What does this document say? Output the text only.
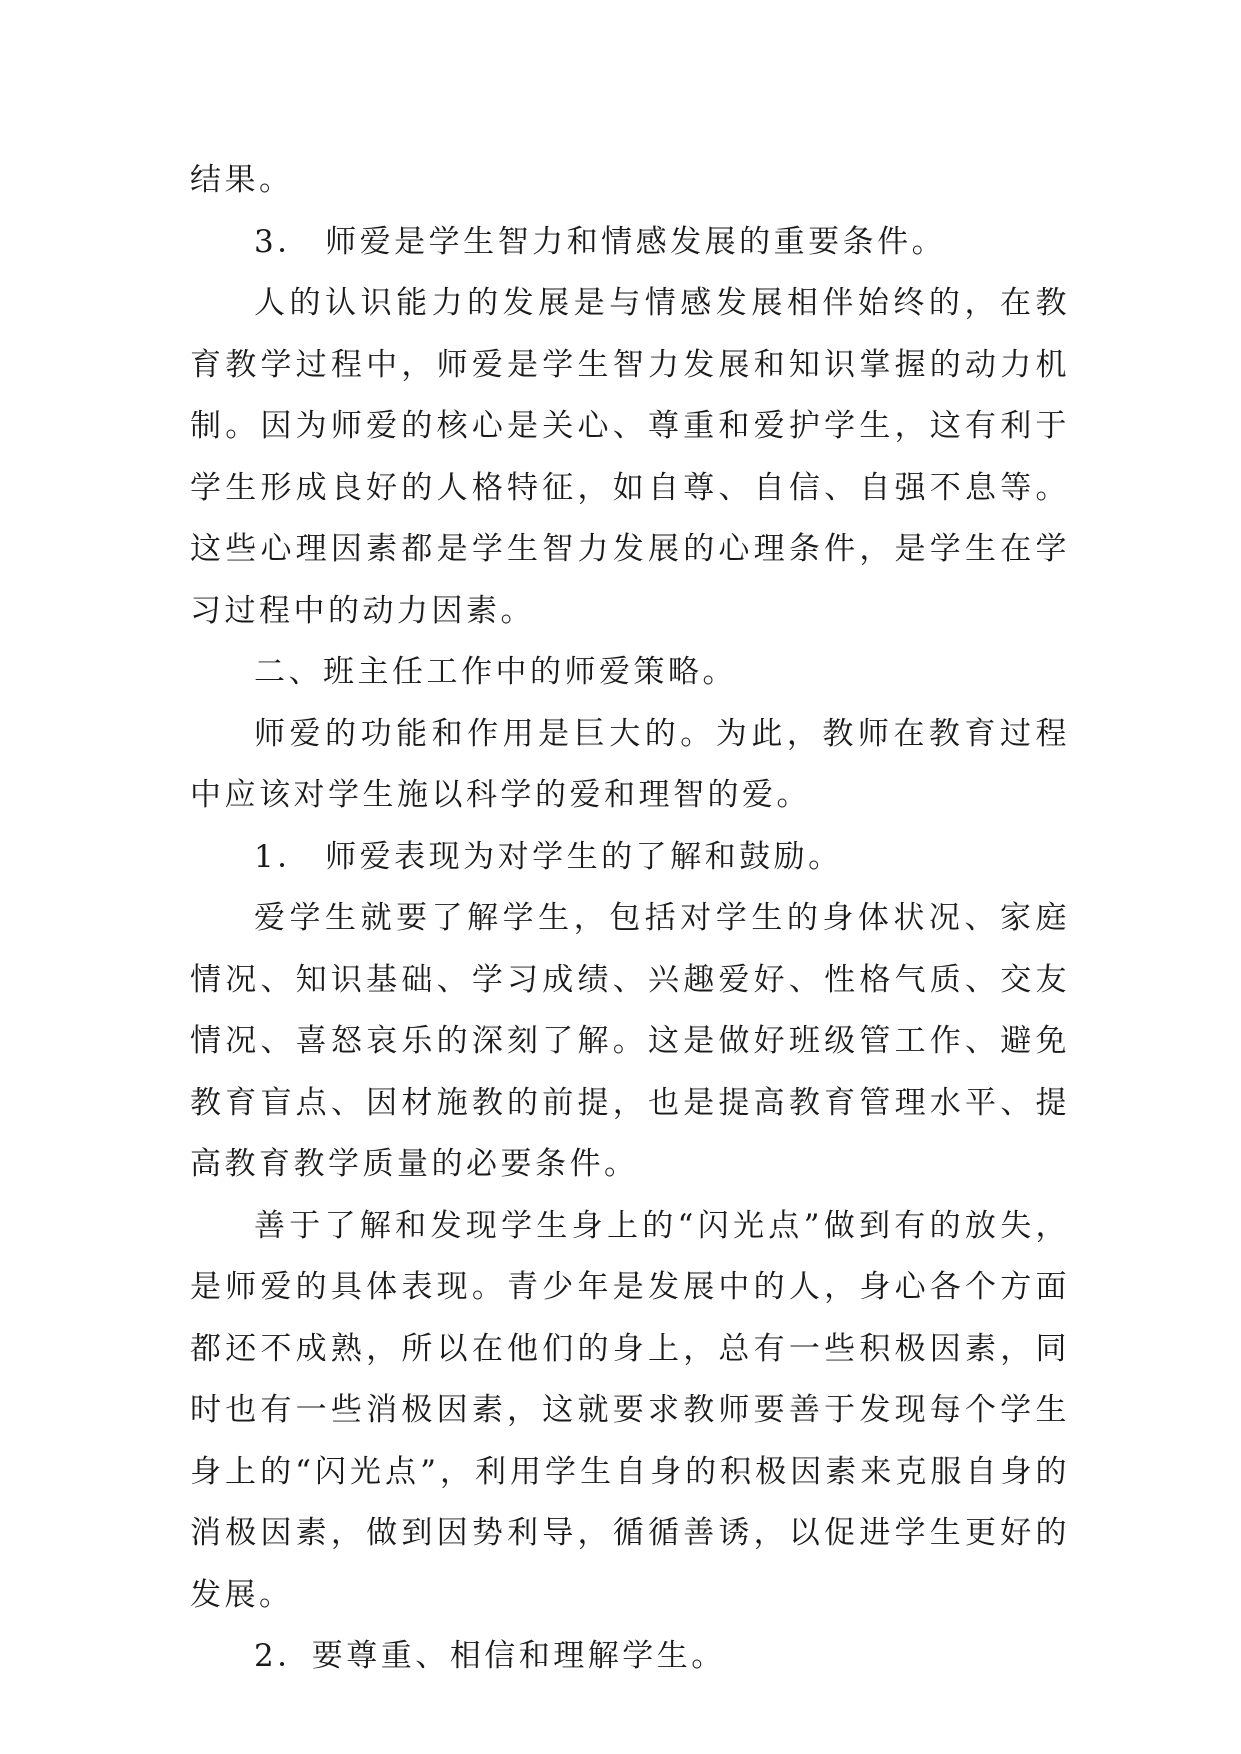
结果。

3． 师爱是学生智力和情感发展的重要条件。

人的认识能力的发展是与情感发展相伴始终的，在教育教学过程中，师爱是学生智力发展和知识掌握的动力机制。因为师爱的核心是关心、尊重和爱护学生，这有利于学生形成良好的人格特征，如自尊、自信、自强不息等。这些心理因素都是学生智力发展的心理条件，是学生在学习过程中的动力因素。

二、班主任工作中的师爱策略。

师爱的功能和作用是巨大的。为此，教师在教育过程中应该对学生施以科学的爱和理智的爱。

1． 师爱表现为对学生的了解和鼓励。

爱学生就要了解学生，包括对学生的身体状况、家庭情况、知识基础、学习成绩、兴趣爱好、性格气质、交友情况、喜怒哀乐的深刻了解。这是做好班级管工作、避免教育盲点、因材施教的前提，也是提高教育管理水平、提高教育教学质量的必要条件。

善于了解和发现学生身上的“闪光点”做到有的放失，是师爱的具体表现。青少年是发展中的人，身心各个方面都还不成熟，所以在他们的身上，总有一些积极因素，同时也有一些消极因素，这就要求教师要善于发现每个学生身上的“闪光点”，利用学生自身的积极因素来克服自身的消极因素，做到因势利导，循循善诱，以促进学生更好的发展。

2．要尊重、相信和理解学生。
